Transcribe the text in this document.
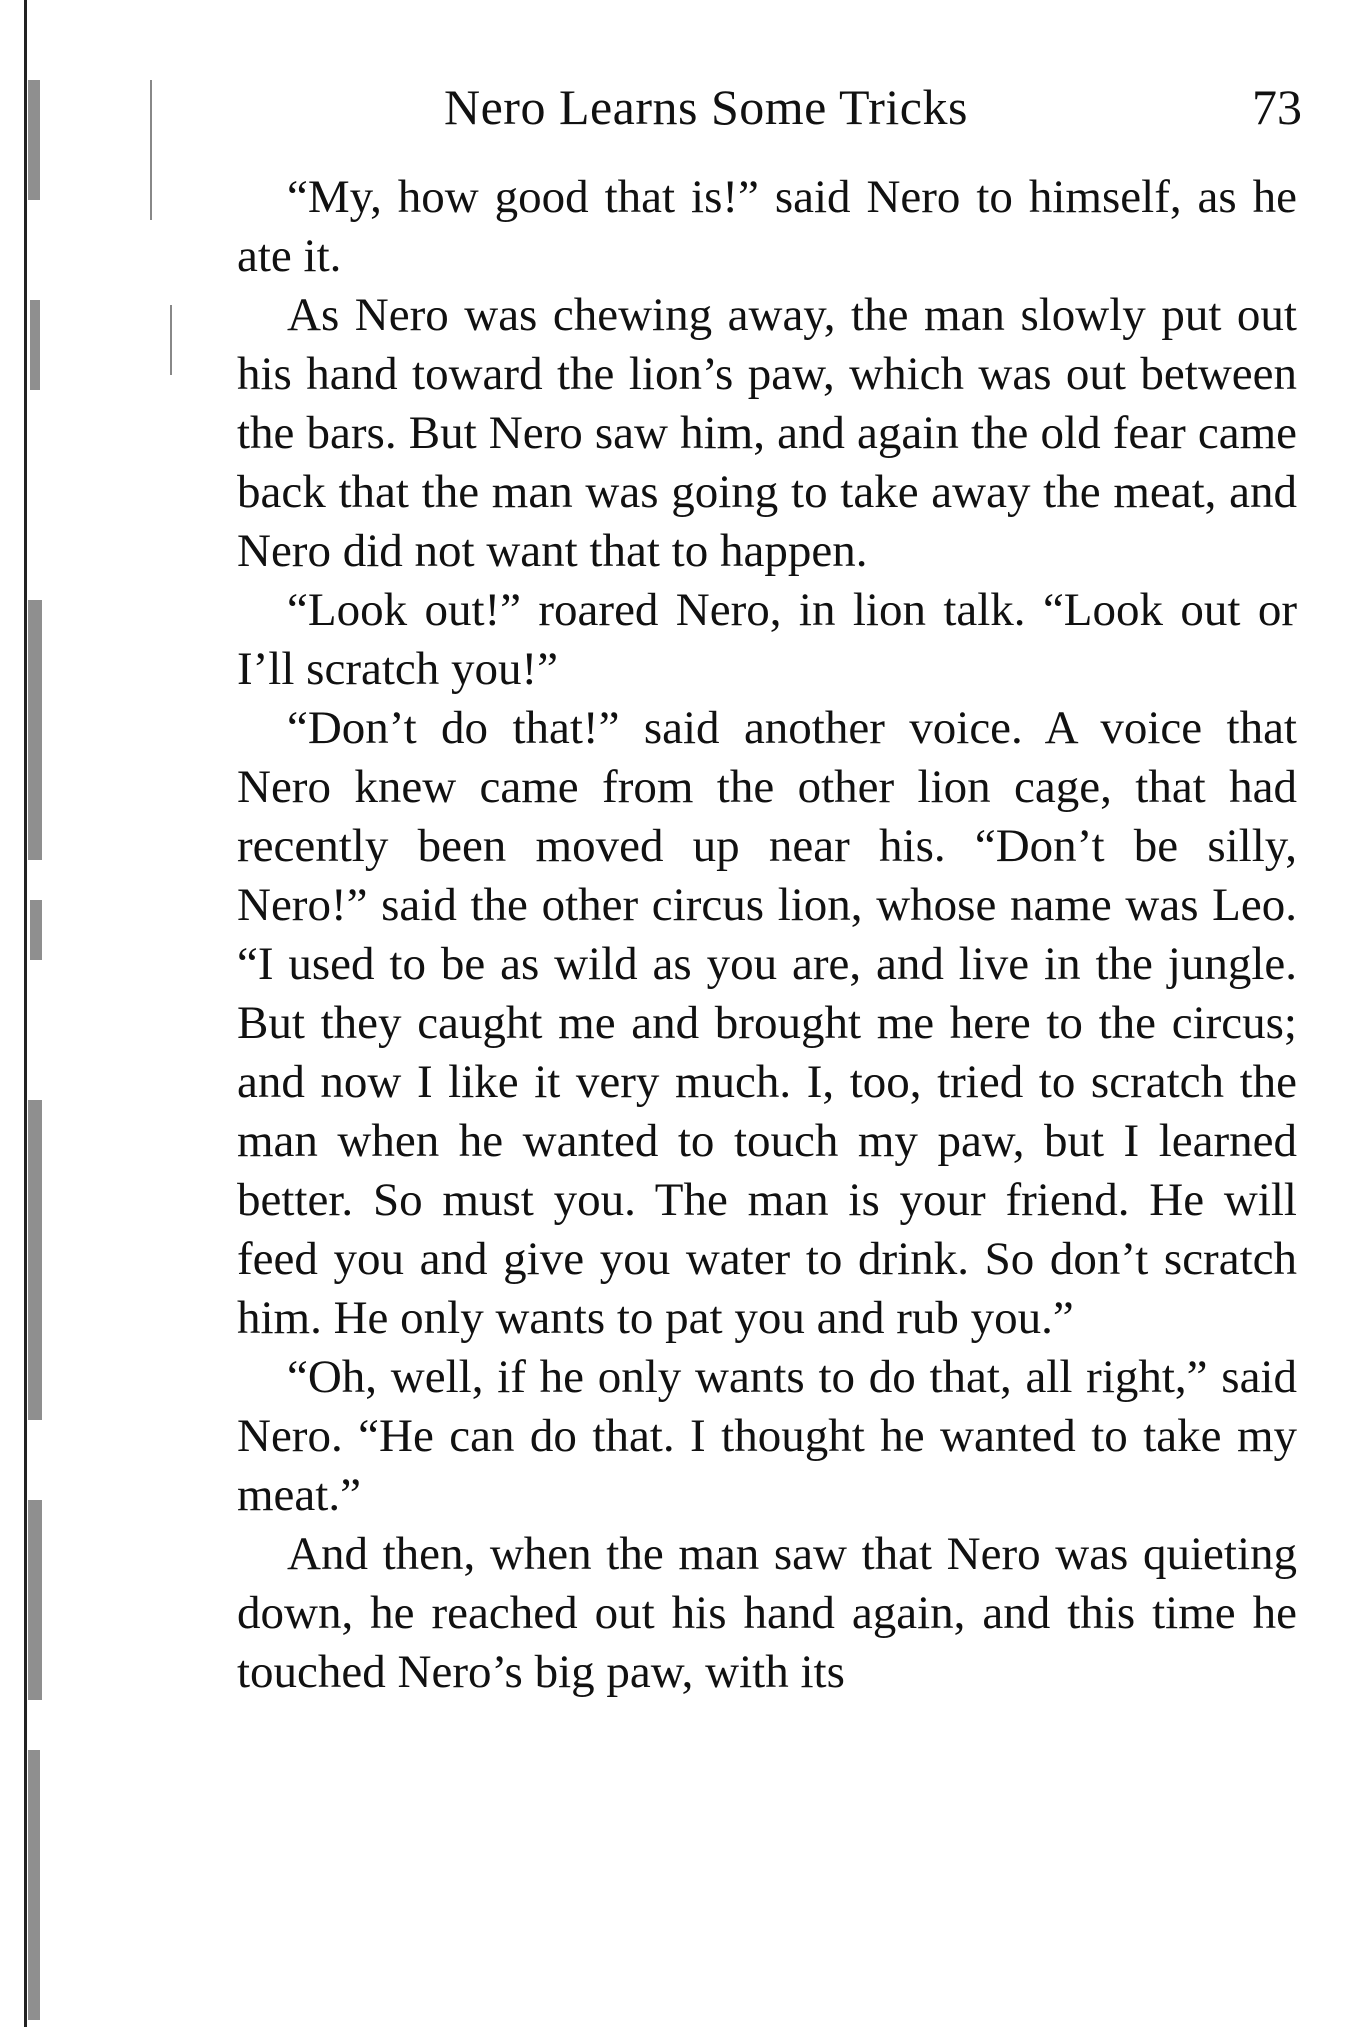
Nero Learns Some Tricks	73

“My, how good that is!” said Nero to himself, as he ate it.

As Nero was chewing away, the man slowly put out his hand toward the lion’s paw, which was out between the bars. But Nero saw him, and again the old fear came back that the man was going to take away the meat, and Nero did not want that to happen.

“Look out!” roared Nero, in lion talk. “Look out or I’ll scratch you!”

“Don’t do that!” said another voice. A voice that Nero knew came from the other lion cage, that had recently been moved up near his. “Don’t be silly, Nero!” said the other circus lion, whose name was Leo. “I used to be as wild as you are, and live in the jungle. But they caught me and brought me here to the circus; and now I like it very much. I, too, tried to scratch the man when he wanted to touch my paw, but I learned better. So must you. The man is your friend. He will feed you and give you water to drink. So don’t scratch him. He only wants to pat you and rub you.”

“Oh, well, if he only wants to do that, all right,” said Nero. “He can do that. I thought he wanted to take my meat.”

And then, when the man saw that Nero was quieting down, he reached out his hand again, and this time he touched Nero’s big paw, with its
